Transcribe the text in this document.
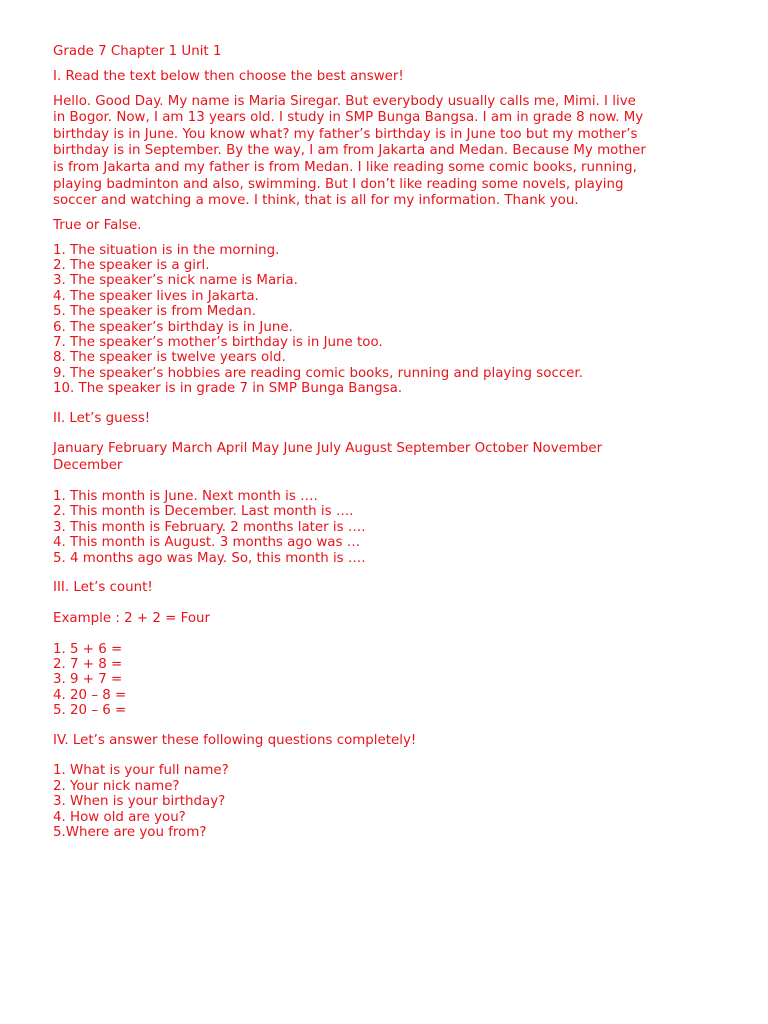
Grade 7 Chapter 1 Unit 1

I. Read the text below then choose the best answer!

Hello. Good Day. My name is Maria Siregar. But everybody usually calls me, Mimi. I live
in Bogor. Now, I am 13 years old. I study in SMP Bunga Bangsa. I am in grade 8 now. My
birthday is in June. You know what? my father’s birthday is in June too but my mother’s
birthday is in September. By the way, I am from Jakarta and Medan. Because My mother
is from Jakarta and my father is from Medan. I like reading some comic books, running,
playing badminton and also, swimming. But I don’t like reading some novels, playing
soccer and watching a move. I think, that is all for my information. Thank you.

True or False.

1. The situation is in the morning.
2. The speaker is a girl.
3. The speaker’s nick name is Maria.
4. The speaker lives in Jakarta.
5. The speaker is from Medan.
6. The speaker’s birthday is in June.
7. The speaker’s mother’s birthday is in June too.
8. The speaker is twelve years old.
9. The speaker’s hobbies are reading comic books, running and playing soccer.
10. The speaker is in grade 7 in SMP Bunga Bangsa.

II. Let’s guess!

January February March April May June July August September October November
December
1. This month is June. Next month is ….
2. This month is December. Last month is ….
3. This month is February. 2 months later is ….
4. This month is August. 3 months ago was …
5. 4 months ago was May. So, this month is ….

III. Let’s count!

Example : 2 + 2 = Four

1. 5 + 6 =
2. 7 + 8 =
3. 9 + 7 =
4. 20 – 8 =
5. 20 – 6 =

IV. Let’s answer these following questions completely!

1. What is your full name?
2. Your nick name?
3. When is your birthday?
4. How old are you?
5.Where are you from?
